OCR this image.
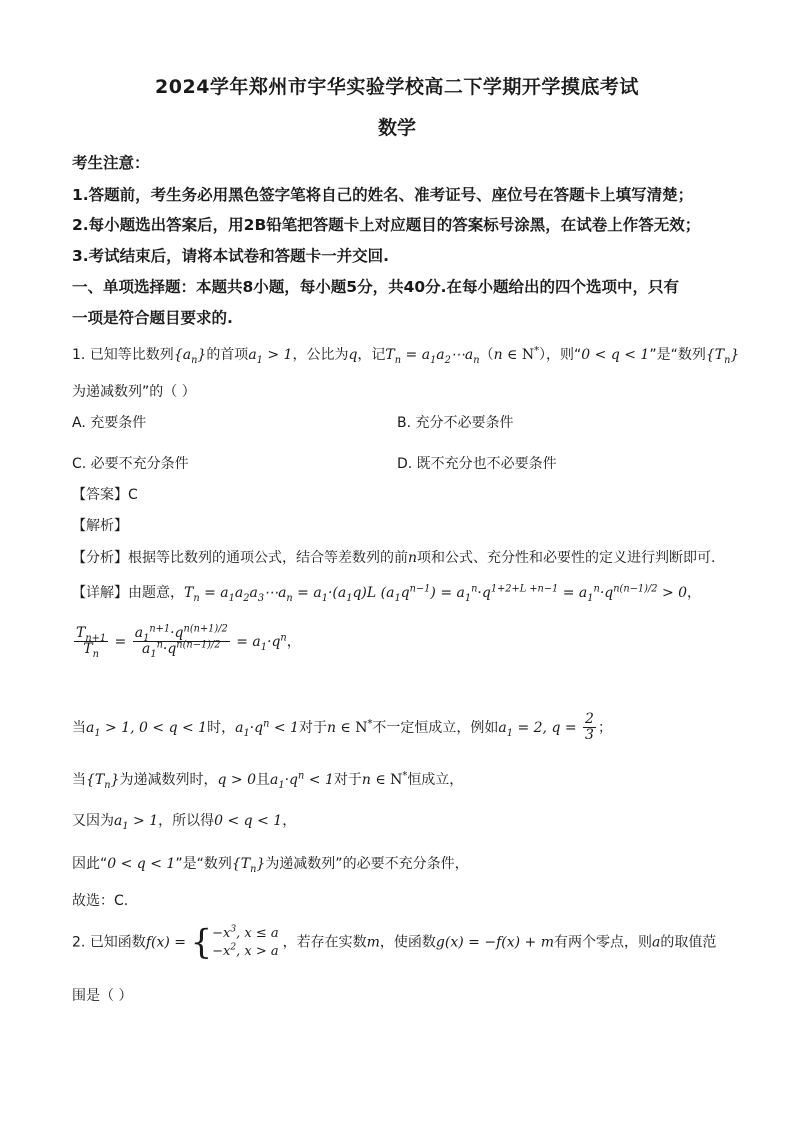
2024学年郑州市宇华实验学校高二下学期开学摸底考试
数学
考生注意：
1.答题前，考生务必用黑色签字笔将自己的姓名、准考证号、座位号在答题卡上填写清楚；
2.每小题选出答案后，用2B铅笔把答题卡上对应题目的答案标号涂黑，在试卷上作答无效；
3.考试结束后，请将本试卷和答题卡一并交回.
一、单项选择题：本题共8小题，每小题5分，共40分.在每小题给出的四个选项中，只有
一项是符合题目要求的.
1. 已知等比数列$\{a_n\}$的首项$a_1 > 1$，公比为q，记$T_n$ = $a_1a_2\cdots a_n(n$ ∈ N*），则“0 < q < 1”是“数列$\{T_n\}$
为递减数列”的（ ）
A. 充要条件	B. 充分不必要条件
C. 必要不充分条件	D. 既不充分也不必要条件
【答案】C
【解析】
【分析】根据等比数列的通项公式，结合等差数列的前n项和公式、充分性和必要性的定义进行判断即可.
【详解】由题意，$T_n$ = $a_1a_2a_3\cdots a_n = a_1\cdot(a_1q)L$ $(a_1q^{n-1}) = a_1^n\cdot q^{1+2+L +n-1} = a_1^n\cdot q^{n(n-1)/2} > 0$，
$\frac{T_{n+1}}{T_n} = \frac{a_1^{n+1}\cdot q^{n(n+1)/2}}{a_1^n\cdot q^{n(n-1)/2}} = a_1\cdot q^n$，
当$a_1 > 1$, 0 < q < 1时，$a_1\cdot q^n < 1$对于n ∈ N*不一定恒成立，例如$a_1 = 2$, $q = \frac{2}{3}$ ；
当$\{T_n\}$为递减数列时，q > 0且$a_1\cdot q^n < 1$对于n ∈ N*恒成立，
又因为$a_1 > 1$，所以得0 < q < 1，
因此“0 < q < 1”是“数列$\{T_n\}$为递减数列”的必要不充分条件，
故选：C.
2. 已知函数f(x) = { $-x^3$, x ≤ a
$-x^2$, x > a
，若存在实数m，使函数g(x) = −f(x) + m有两个零点，则a的取值范
围是（ ）
